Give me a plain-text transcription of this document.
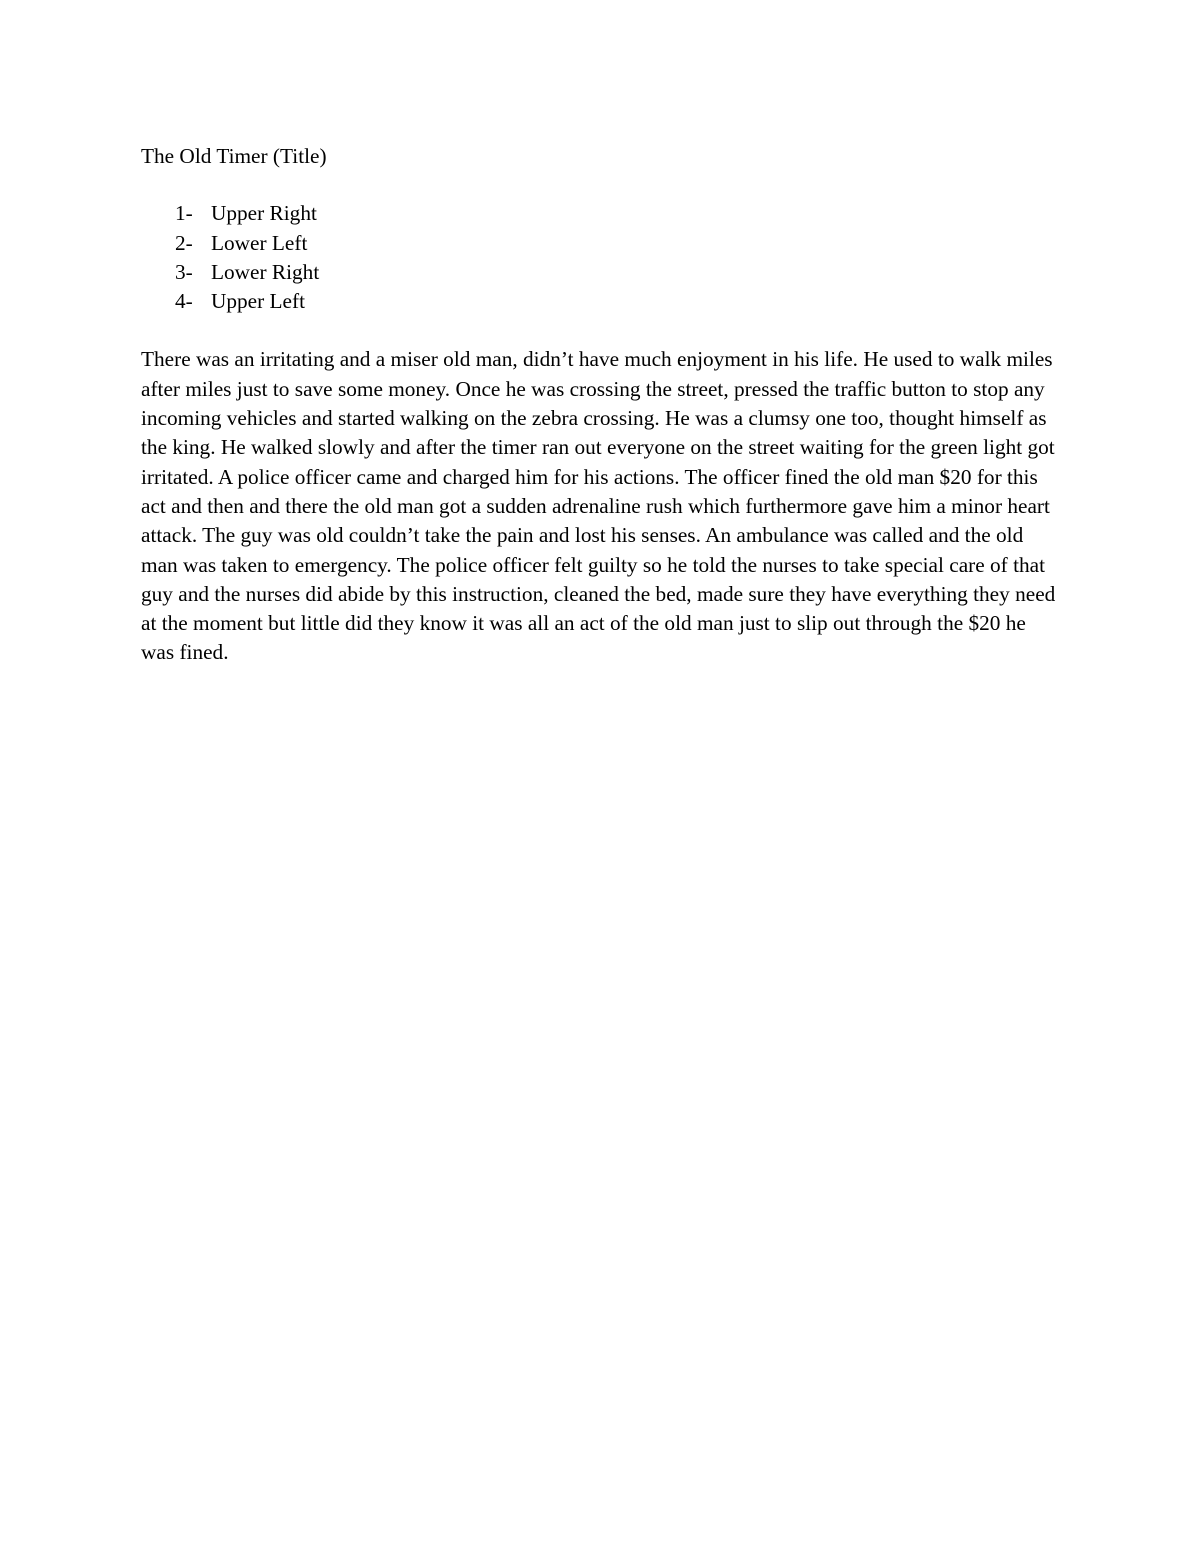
The Old Timer (Title)
1- Upper Right
2- Lower Left
3- Lower Right
4- Upper Left

There was an irritating and a miser old man, didn’t have much enjoyment in his life. He used to walk miles after miles just to save some money. Once he was crossing the street, pressed the traffic button to stop any incoming vehicles and started walking on the zebra crossing. He was a clumsy one too, thought himself as the king. He walked slowly and after the timer ran out everyone on the street waiting for the green light got irritated. A police officer came and charged him for his actions. The officer fined the old man $20 for this act and then and there the old man got a sudden adrenaline rush which furthermore gave him a minor heart attack. The guy was old couldn’t take the pain and lost his senses. An ambulance was called and the old man was taken to emergency. The police officer felt guilty so he told the nurses to take special care of that guy and the nurses did abide by this instruction, cleaned the bed, made sure they have everything they need at the moment but little did they know it was all an act of the old man just to slip out through the $20 he was fined.
